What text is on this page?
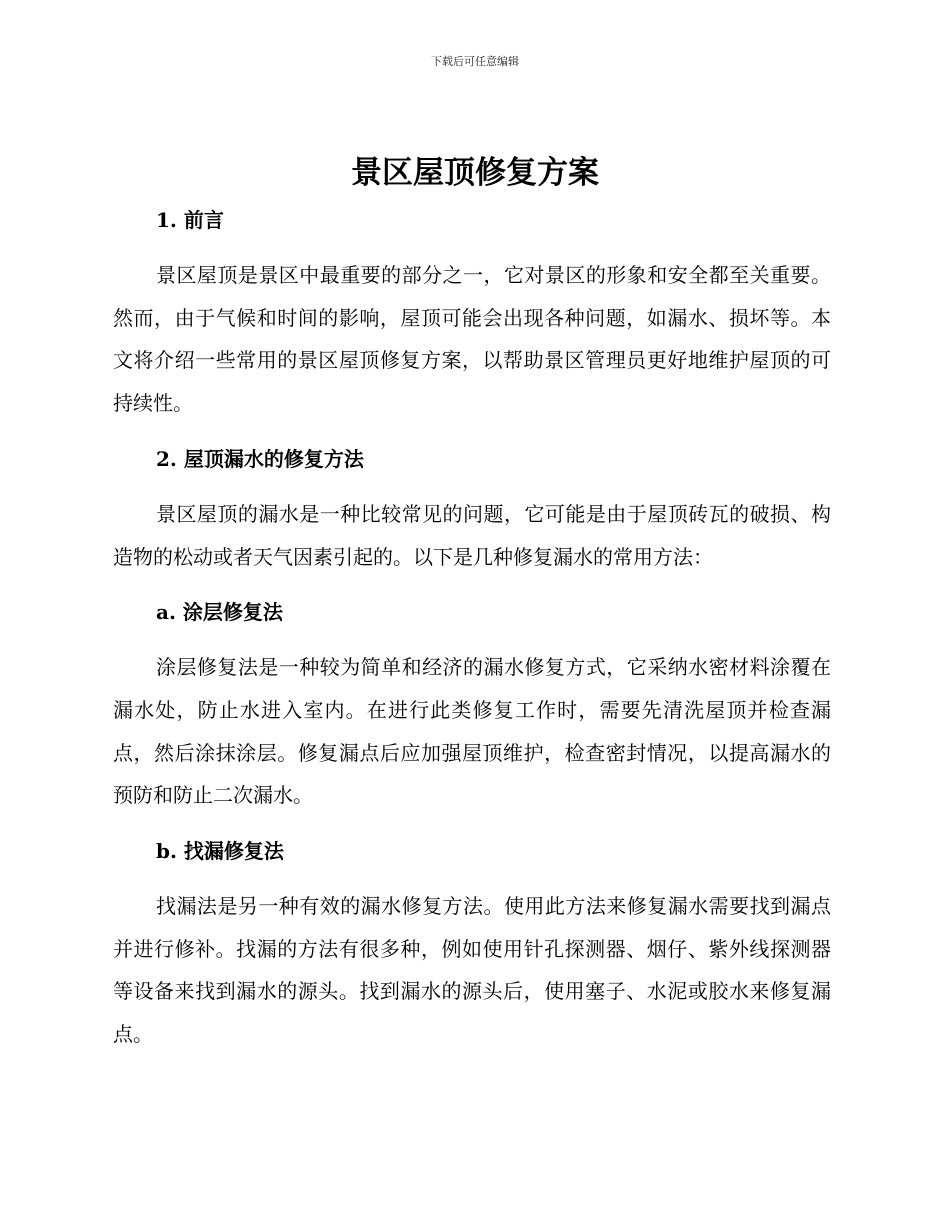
下载后可任意编辑
景区屋顶修复方案
1. 前言

景区屋顶是景区中最重要的部分之一，它对景区的形象和安全都至关重要。然而，由于气候和时间的影响，屋顶可能会出现各种问题，如漏水、损坏等。本文将介绍一些常用的景区屋顶修复方案，以帮助景区管理员更好地维护屋顶的可持续性。

2. 屋顶漏水的修复方法

景区屋顶的漏水是一种比较常见的问题，它可能是由于屋顶砖瓦的破损、构造物的松动或者天气因素引起的。以下是几种修复漏水的常用方法：

a. 涂层修复法

涂层修复法是一种较为简单和经济的漏水修复方式，它采纳水密材料涂覆在漏水处，防止水进入室内。在进行此类修复工作时，需要先清洗屋顶并检查漏点，然后涂抹涂层。修复漏点后应加强屋顶维护，检查密封情况，以提高漏水的预防和防止二次漏水。

b. 找漏修复法

找漏法是另一种有效的漏水修复方法。使用此方法来修复漏水需要找到漏点并进行修补。找漏的方法有很多种，例如使用针孔探测器、烟仔、紫外线探测器等设备来找到漏水的源头。找到漏水的源头后，使用塞子、水泥或胶水来修复漏点。
